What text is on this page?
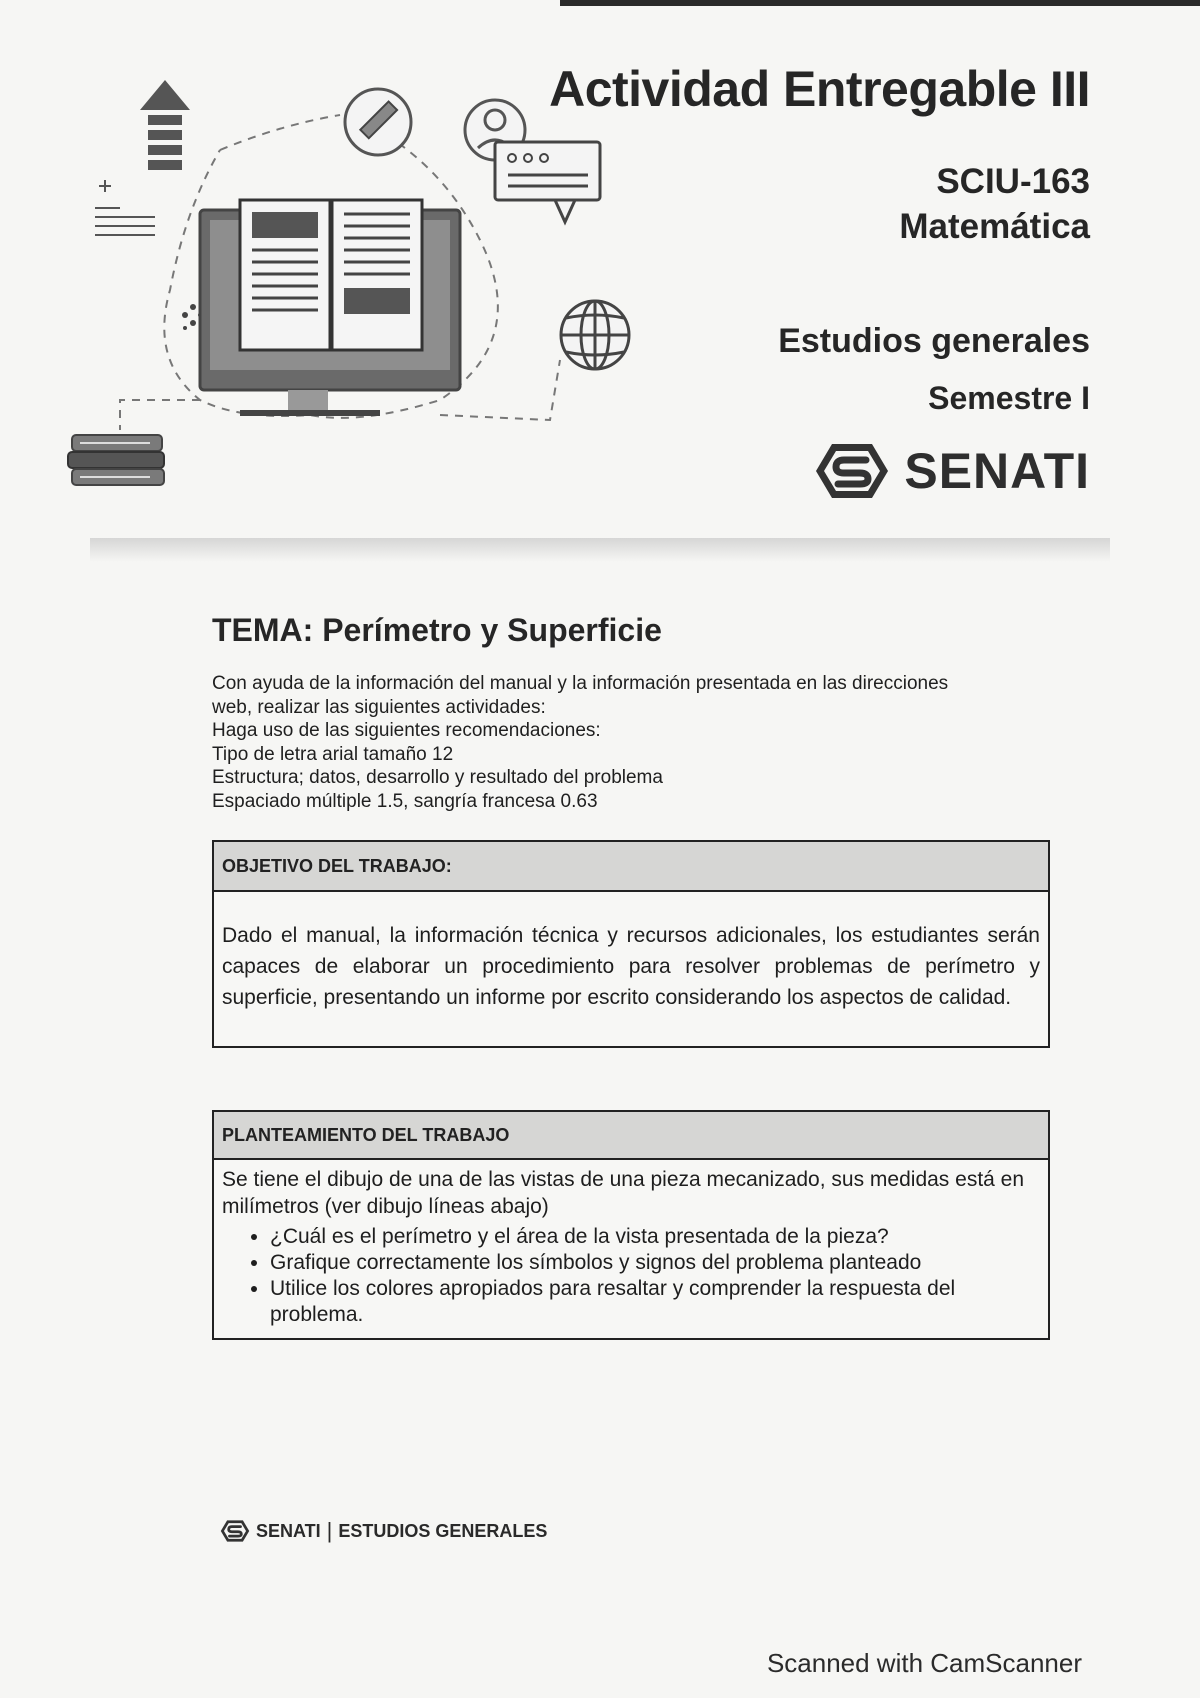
Actividad Entregable III
SCIU-163
Matemática
Estudios generales
Semestre I
SENATI
TEMA: Perímetro y Superficie
Con ayuda de la información del manual y la información presentada en las direcciones
web, realizar las siguientes actividades:
Haga uso de las siguientes recomendaciones:
Tipo de letra arial tamaño 12
Estructura; datos, desarrollo y resultado del problema
Espaciado múltiple 1.5, sangría francesa 0.63
OBJETIVO DEL TRABAJO:
Dado el manual, la información técnica y recursos adicionales, los estudiantes serán capaces de elaborar un procedimiento para resolver problemas de perímetro y superficie, presentando un informe por escrito considerando los aspectos de calidad.
PLANTEAMIENTO DEL TRABAJO
Se tiene el dibujo de una de las vistas de una pieza mecanizado, sus medidas está en milímetros (ver dibujo líneas abajo)
• ¿Cuál es el perímetro y el área de la vista presentada de la pieza?
• Grafique correctamente los símbolos y signos del problema planteado
• Utilice los colores apropiados para resaltar y comprender la respuesta del problema.
SENATI | ESTUDIOS GENERALES
Scanned with CamScanner
